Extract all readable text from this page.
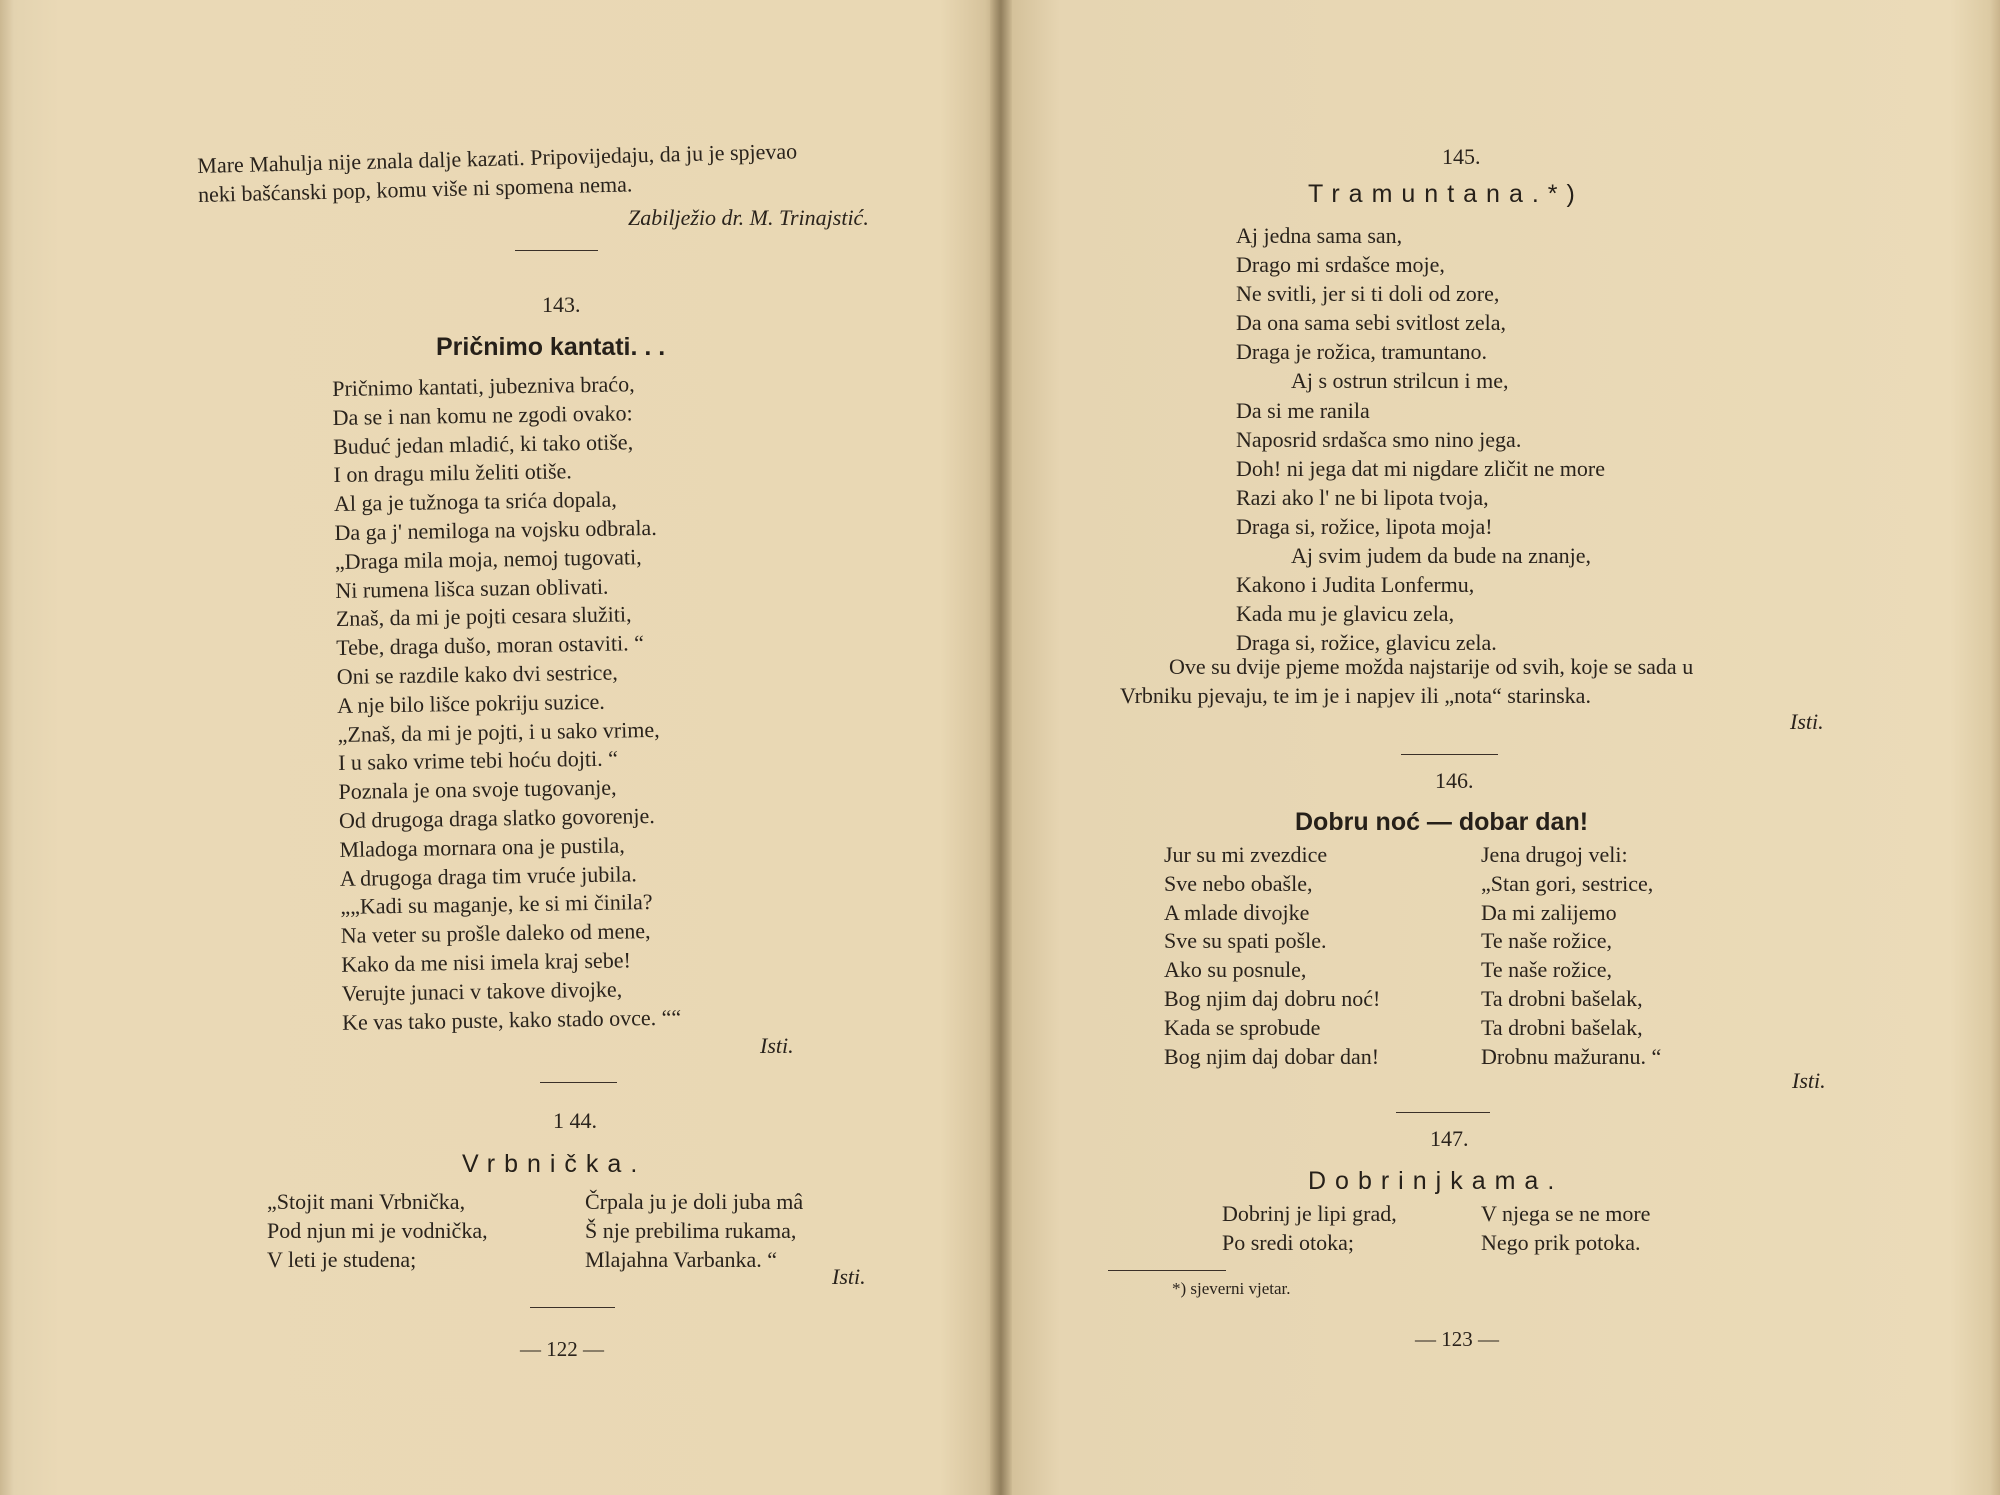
Mare Mahulja nije znala dalje kazati. Pripovijedaju, da ju je spjevao
neki bašćanski pop, komu više ni spomena nema.
Zabilježio dr. M. Trinajstić.
143.
Pričnimo kantati. . .
Pričnimo kantati, jubezniva braćo,
Da se i nan komu ne zgodi ovako:
Buduć jedan mladić, ki tako otiše,
I on dragu milu želiti otiše.
Al ga je tužnoga ta srića dopala,
Da ga j' nemiloga na vojsku odbrala.
„Draga mila moja, nemoj tugovati,
Ni rumena lišca suzan oblivati.
Znaš, da mi je pojti cesara služiti,
Tebe, draga dušo, moran ostaviti. “
Oni se razdile kako dvi sestrice,
A nje bilo lišce pokriju suzice.
„Znaš, da mi je pojti, i u sako vrime,
I u sako vrime tebi hoću dojti. “
Poznala je ona svoje tugovanje,
Od drugoga draga slatko govorenje.
Mladoga mornara ona je pustila,
A drugoga draga tim vruće jubila.
„„Kadi su maganje, ke si mi činila?
Na veter su prošle daleko od mene,
Kako da me nisi imela kraj sebe!
Verujte junaci v takove divojke,
Ke vas tako puste, kako stado ovce. ““
Isti.
1 44.
Vrbnička.
„Stojit mani Vrbnička,
Pod njun mi je vodnička,
V leti je studena;
Črpala ju je doli juba mâ
Š nje prebilima rukama,
Mlajahna Varbanka. “
Isti.
— 122 —
145.
Tramuntana.*)
Aj jedna sama san,
Drago mi srdašce moje,
Ne svitli, jer si ti doli od zore,
Da ona sama sebi svitlost zela,
Draga je rožica, tramuntano.
Aj s ostrun strilcun i me,
Da si me ranila
Naposrid srdašca smo nino jega.
Doh! ni jega dat mi nigdare zličit ne more
Razi ako l' ne bi lipota tvoja,
Draga si, rožice, lipota moja!
Aj svim judem da bude na znanje,
Kakono i Judita Lonfermu,
Kada mu je glavicu zela,
Draga si, rožice, glavicu zela.
Ove su dvije pjeme možda najstarije od svih, koje se sada u
Vrbniku pjevaju, te im je i napjev ili „nota“ starinska.
Isti.
146.
Dobru noć — dobar dan!
Jur su mi zvezdice
Sve nebo obašle,
A mlade divojke
Sve su spati pošle.
Ako su posnule,
Bog njim daj dobru noć!
Kada se sprobude
Bog njim daj dobar dan!
Jena drugoj veli:
„Stan gori, sestrice,
Da mi zalijemo
Te naše rožice,
Te naše rožice,
Ta drobni bašelak,
Ta drobni bašelak,
Drobnu mažuranu. “
Isti.
147.
Dobrinjkama.
Dobrinj je lipi grad,
Po sredi otoka;
V njega se ne more
Nego prik potoka.
*) sjeverni vjetar.
— 123 —
